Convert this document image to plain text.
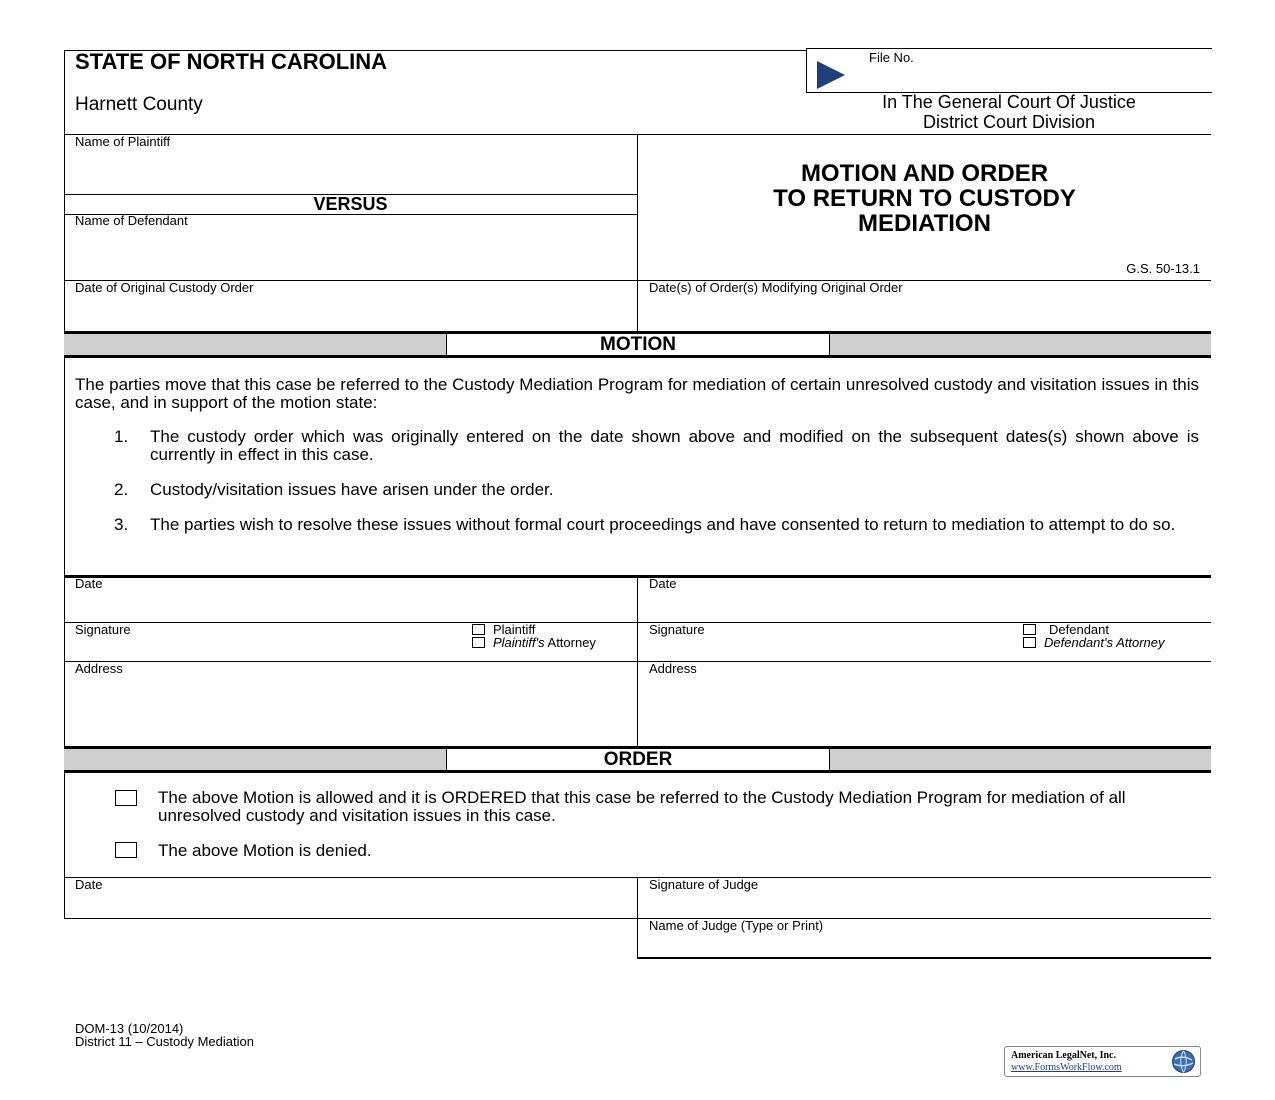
STATE OF NORTH CAROLINA
Harnett County
File No.
In The General Court Of Justice
District Court Division
Name of Plaintiff
VERSUS
Name of Defendant
MOTION AND ORDER
TO RETURN TO CUSTODY
MEDIATION
G.S. 50-13.1
Date of Original Custody Order	Date(s) of Order(s) Modifying Original Order
MOTION
The parties move that this case be referred to the Custody Mediation Program for mediation of certain unresolved custody and visitation issues in this case, and in support of the motion state:
1. The custody order which was originally entered on the date shown above and modified on the subsequent dates(s) shown above is currently in effect in this case.
2. Custody/visitation issues have arisen under the order.
3. The parties wish to resolve these issues without formal court proceedings and have consented to return to mediation to attempt to do so.
Date
Signature	Plaintiff
Plaintiff's Attorney
Address
Date
Signature	Defendant
Defendant's Attorney
Address
ORDER
The above Motion is allowed and it is ORDERED that this case be referred to the Custody Mediation Program for mediation of all unresolved custody and visitation issues in this case.
The above Motion is denied.
Date	Signature of Judge
Name of Judge (Type or Print)
DOM-13 (10/2014)
District 11 – Custody Mediation
American LegalNet, Inc.
www.FormsWorkFlow.com
